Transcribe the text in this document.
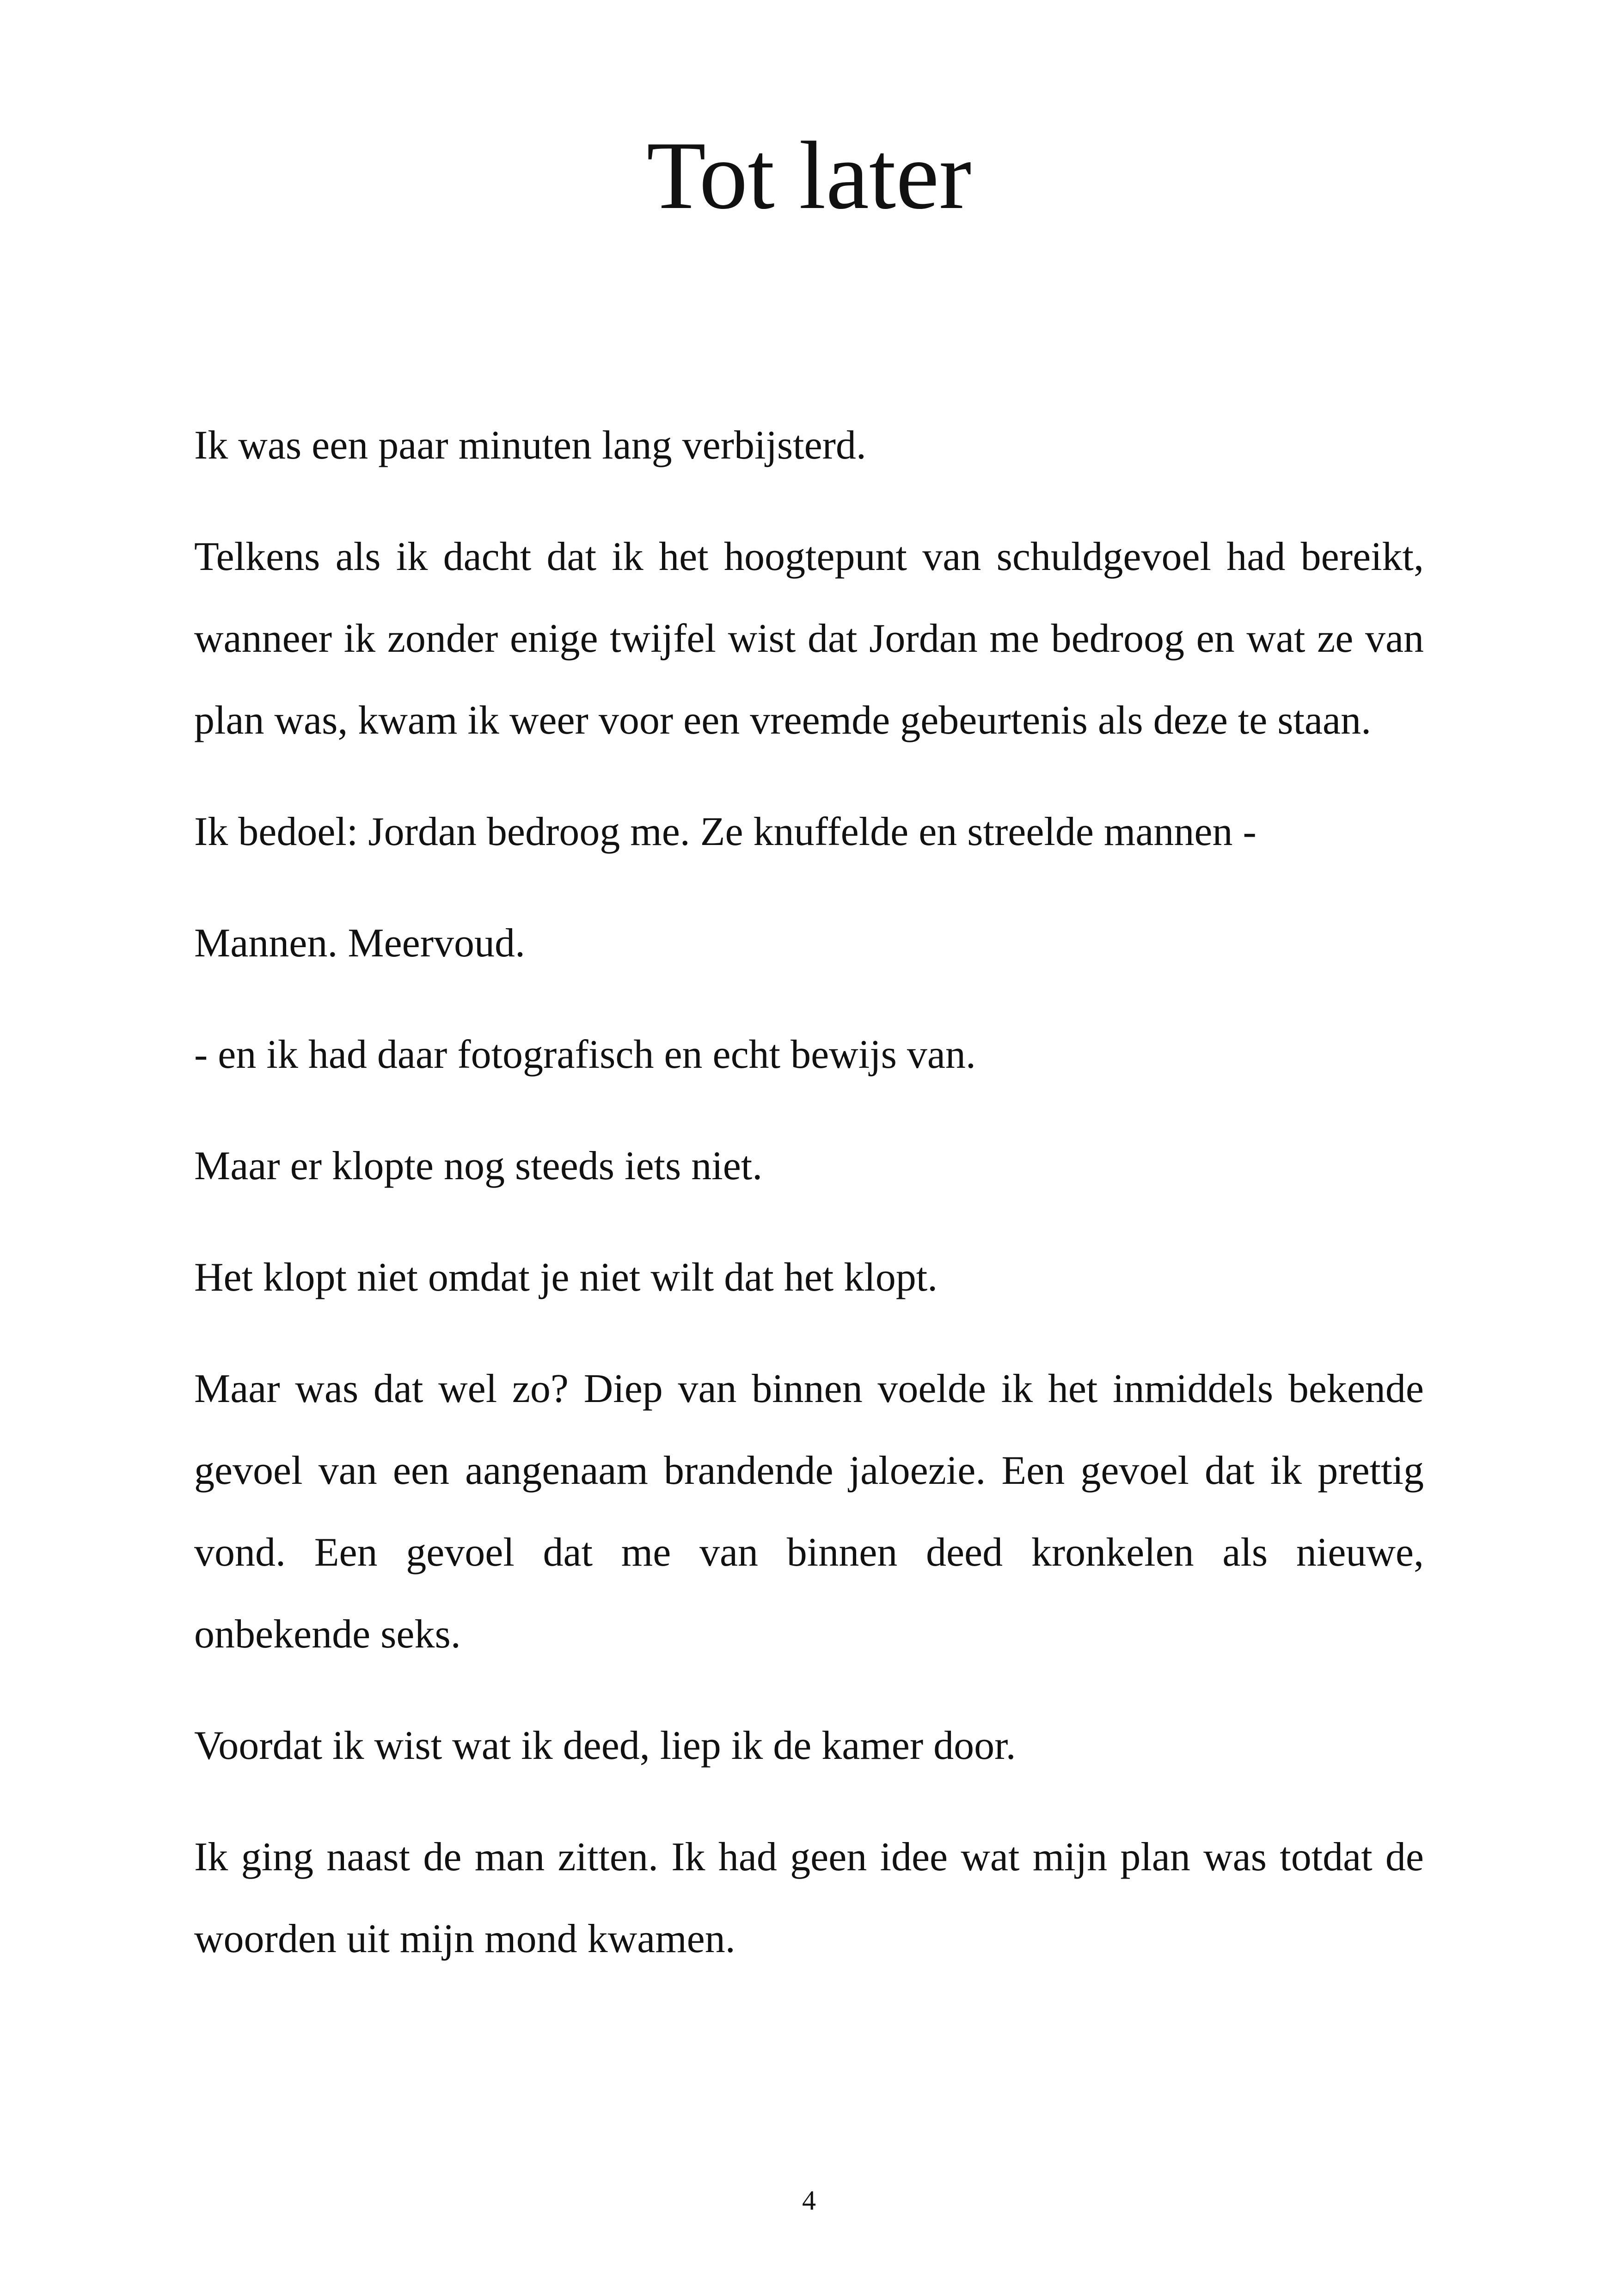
Tot later

Ik was een paar minuten lang verbijsterd.

Telkens als ik dacht dat ik het hoogtepunt van schuldgevoel had bereikt, wanneer ik zonder enige twijfel wist dat Jordan me bedroog en wat ze van plan was, kwam ik weer voor een vreemde gebeurtenis als deze te staan.

Ik bedoel: Jordan bedroog me. Ze knuffelde en streelde mannen -

Mannen. Meervoud.

- en ik had daar fotografisch en echt bewijs van.

Maar er klopte nog steeds iets niet.

Het klopt niet omdat je niet wilt dat het klopt.

Maar was dat wel zo? Diep van binnen voelde ik het inmiddels bekende gevoel van een aangenaam brandende jaloezie. Een gevoel dat ik prettig vond. Een gevoel dat me van binnen deed kronkelen als nieuwe, onbekende seks.

Voordat ik wist wat ik deed, liep ik de kamer door.

Ik ging naast de man zitten. Ik had geen idee wat mijn plan was totdat de woorden uit mijn mond kwamen.

4
